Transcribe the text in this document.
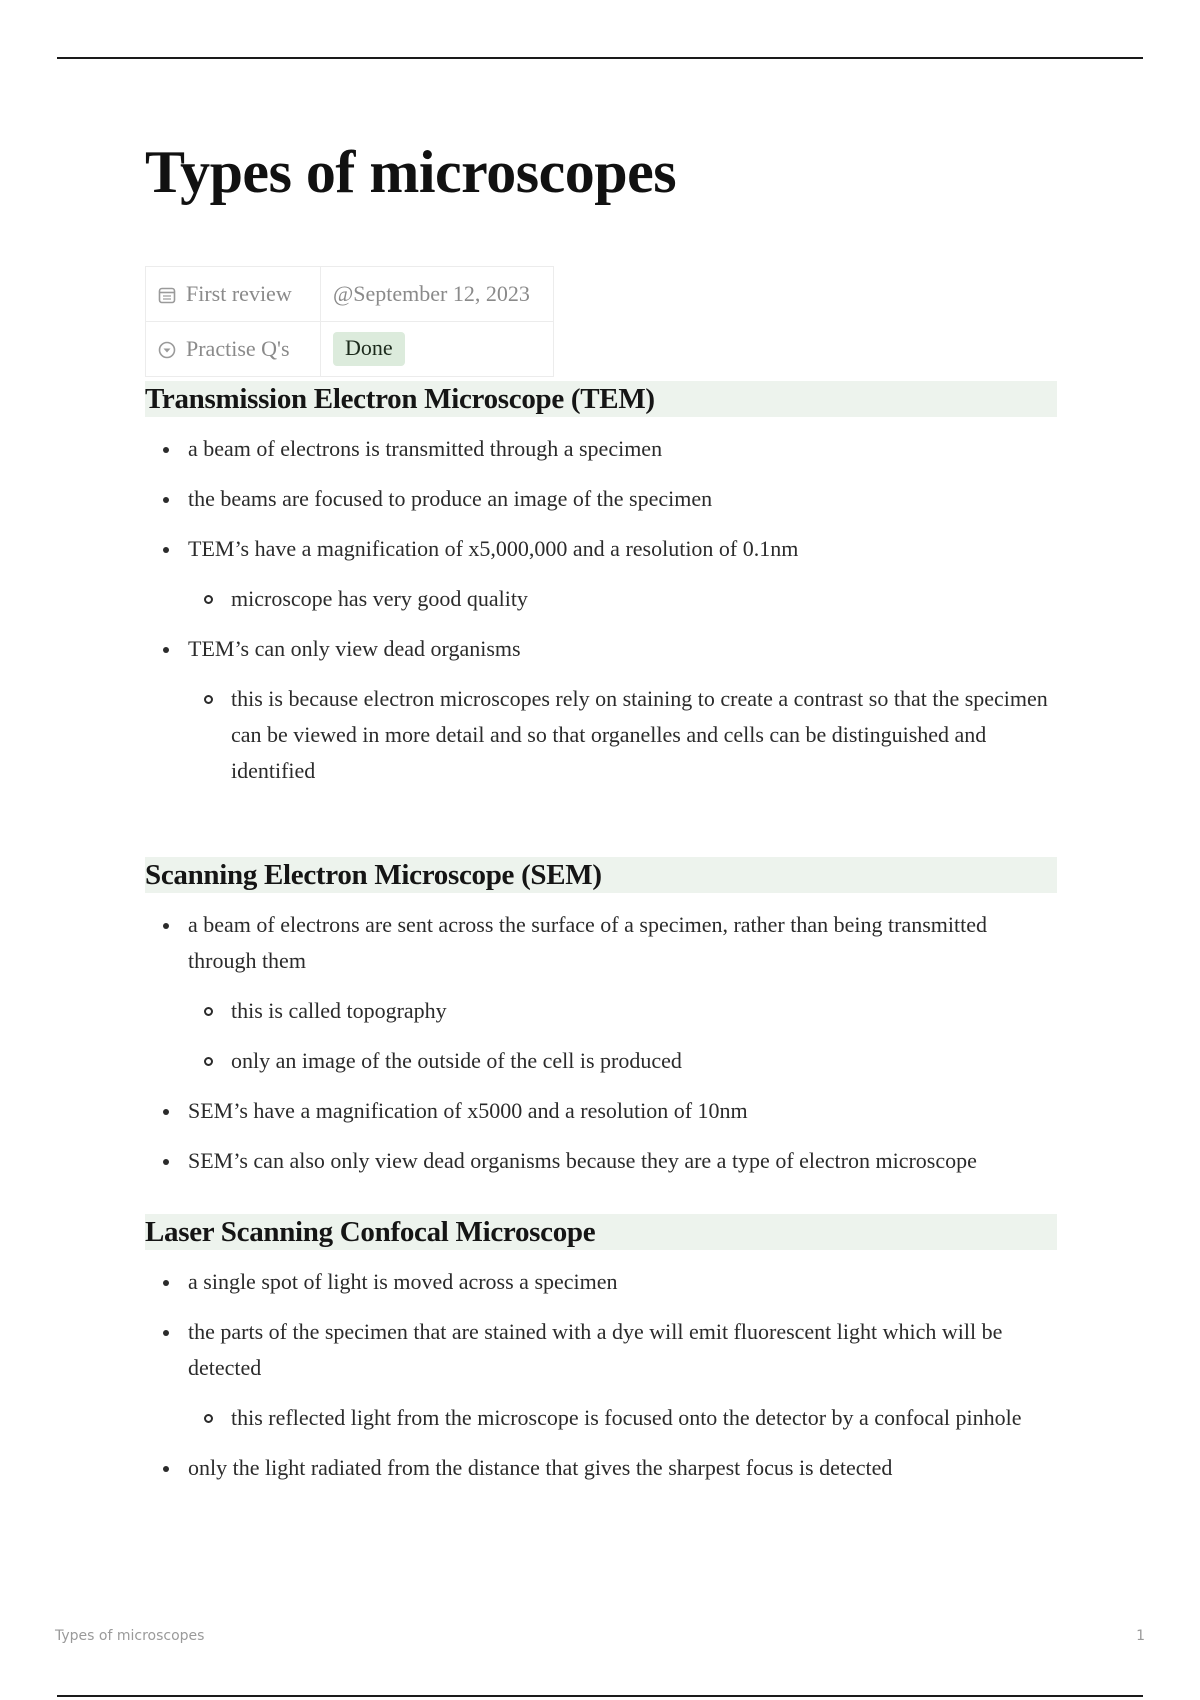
Types of microscopes
First review	@September 12, 2023
Practise Q's	Done
Transmission Electron Microscope (TEM)
a beam of electrons is transmitted through a specimen
the beams are focused to produce an image of the specimen
TEM’s have a magnification of x5,000,000 and a resolution of 0.1nm
microscope has very good quality
TEM’s can only view dead organisms
this is because electron microscopes rely on staining to create a contrast so that the specimen can be viewed in more detail and so that organelles and cells can be distinguished and identified
Scanning Electron Microscope (SEM)
a beam of electrons are sent across the surface of a specimen, rather than being transmitted through them
this is called topography
only an image of the outside of the cell is produced
SEM’s have a magnification of x5000 and a resolution of 10nm
SEM’s can also only view dead organisms because they are a type of electron microscope
Laser Scanning Confocal Microscope
a single spot of light is moved across a specimen
the parts of the specimen that are stained with a dye will emit fluorescent light which will be detected
this reflected light from the microscope is focused onto the detector by a confocal pinhole
only the light radiated from the distance that gives the sharpest focus is detected
Types of microscopes	1
